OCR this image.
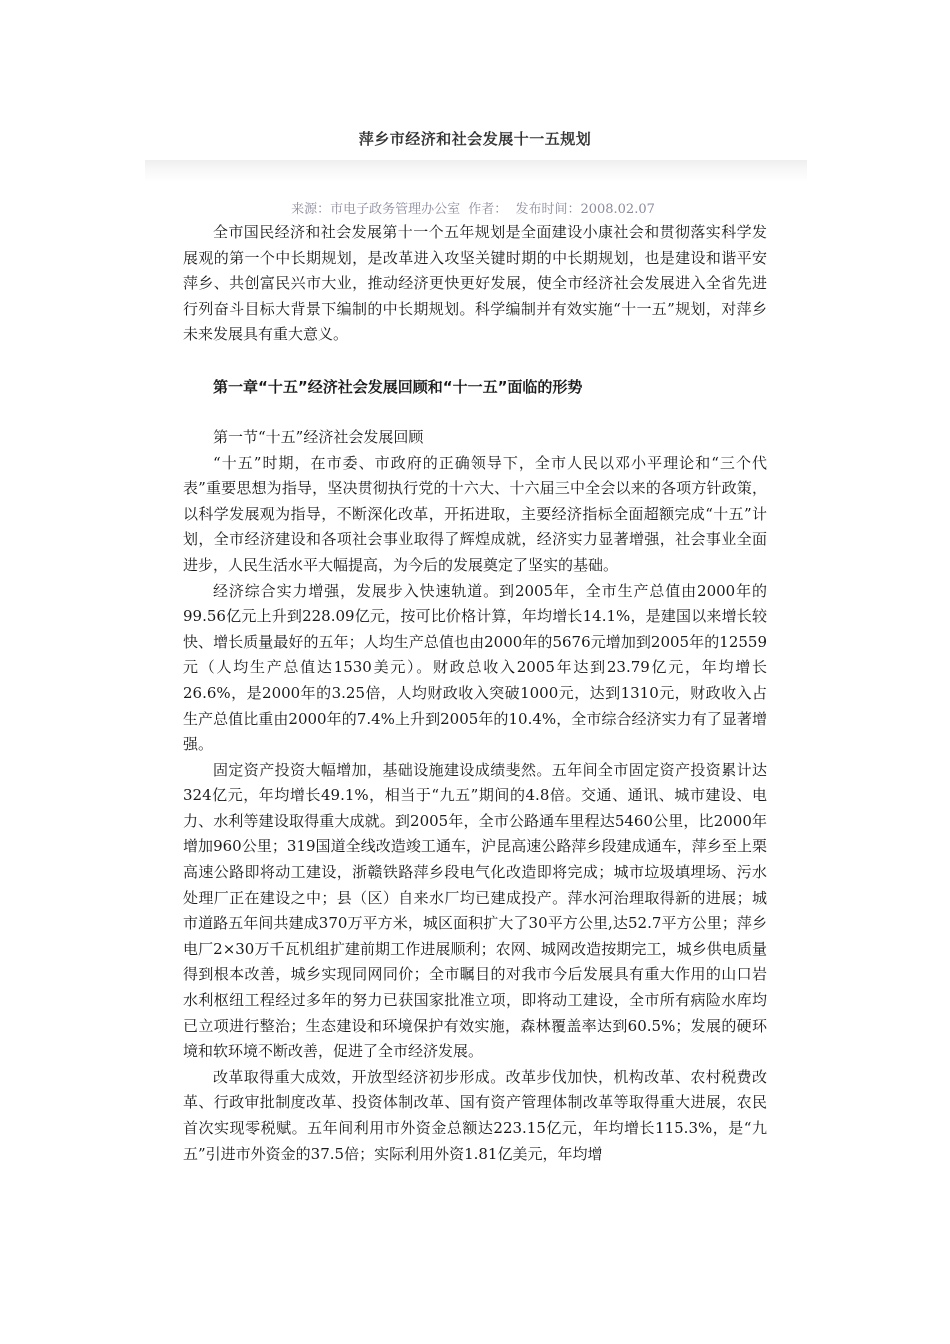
萍乡市经济和社会发展十一五规划
来源：市电子政务管理办公室 作者： 发布时间：2008.02.07

全市国民经济和社会发展第十一个五年规划是全面建设小康社会和贯彻落实科学发展观的第一个中长期规划，是改革进入攻坚关键时期的中长期规划，也是建设和谐平安萍乡、共创富民兴市大业，推动经济更快更好发展，使全市经济社会发展进入全省先进行列奋斗目标大背景下编制的中长期规划。科学编制并有效实施“十一五”规划，对萍乡未来发展具有重大意义。

第一章“十五”经济社会发展回顾和“十一五”面临的形势
第一节“十五”经济社会发展回顾

“十五”时期，在市委、市政府的正确领导下，全市人民以邓小平理论和“三个代表”重要思想为指导，坚决贯彻执行党的十六大、十六届三中全会以来的各项方针政策，以科学发展观为指导，不断深化改革，开拓进取，主要经济指标全面超额完成“十五”计划，全市经济建设和各项社会事业取得了辉煌成就，经济实力显著增强，社会事业全面进步，人民生活水平大幅提高，为今后的发展奠定了坚实的基础。

经济综合实力增强，发展步入快速轨道。到2005年，全市生产总值由2000年的99.56亿元上升到228.09亿元，按可比价格计算，年均增长14.1%，是建国以来增长较快、增长质量最好的五年；人均生产总值也由2000年的5676元增加到2005年的12559元（人均生产总值达1530美元）。财政总收入2005年达到23.79亿元，年均增长26.6%，是2000年的3.25倍，人均财政收入突破1000元，达到1310元，财政收入占生产总值比重由2000年的7.4%上升到2005年的10.4%，全市综合经济实力有了显著增强。

固定资产投资大幅增加，基础设施建设成绩斐然。五年间全市固定资产投资累计达324亿元，年均增长49.1%，相当于“九五”期间的4.8倍。交通、通讯、城市建设、电力、水利等建设取得重大成就。到2005年，全市公路通车里程达5460公里，比2000年增加960公里；319国道全线改造竣工通车，沪昆高速公路萍乡段建成通车，萍乡至上栗高速公路即将动工建设，浙赣铁路萍乡段电气化改造即将完成；城市垃圾填埋场、污水处理厂正在建设之中；县（区）自来水厂均已建成投产。萍水河治理取得新的进展；城市道路五年间共建成370万平方米，城区面积扩大了30平方公里,达52.7平方公里；萍乡电厂2×30万千瓦机组扩建前期工作进展顺利；农网、城网改造按期完工，城乡供电质量得到根本改善，城乡实现同网同价；全市瞩目的对我市今后发展具有重大作用的山口岩水利枢纽工程经过多年的努力已获国家批准立项，即将动工建设，全市所有病险水库均已立项进行整治；生态建设和环境保护有效实施，森林覆盖率达到60.5%；发展的硬环境和软环境不断改善，促进了全市经济发展。

改革取得重大成效，开放型经济初步形成。改革步伐加快，机构改革、农村税费改革、行政审批制度改革、投资体制改革、国有资产管理体制改革等取得重大进展，农民首次实现零税赋。五年间利用市外资金总额达223.15亿元，年均增长115.3%，是“九五”引进市外资金的37.5倍；实际利用外资1.81亿美元，年均增
